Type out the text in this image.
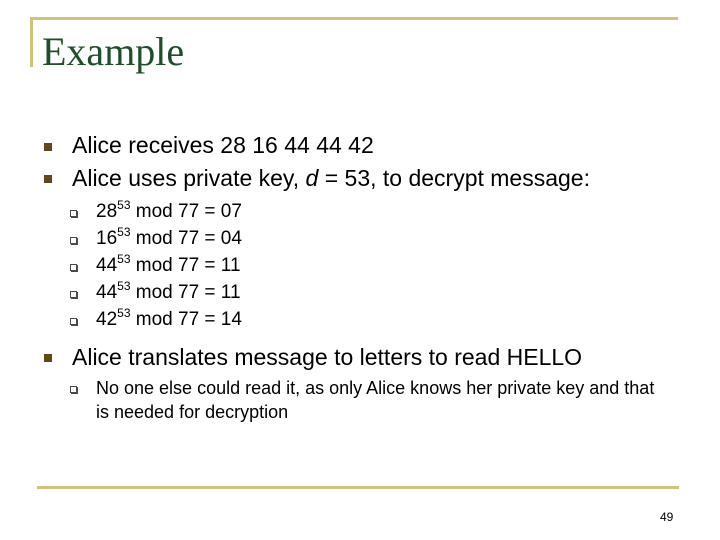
Example
Alice receives 28 16 44 44 42
Alice uses private key, d = 53, to decrypt message:
$28^{53}$ mod 77 = 07
$16^{53}$ mod 77 = 04
$44^{53}$ mod 77 = 11
$44^{53}$ mod 77 = 11
$42^{53}$ mod 77 = 14
Alice translates message to letters to read HELLO
No one else could read it, as only Alice knows her private key and that is needed for decryption
49
